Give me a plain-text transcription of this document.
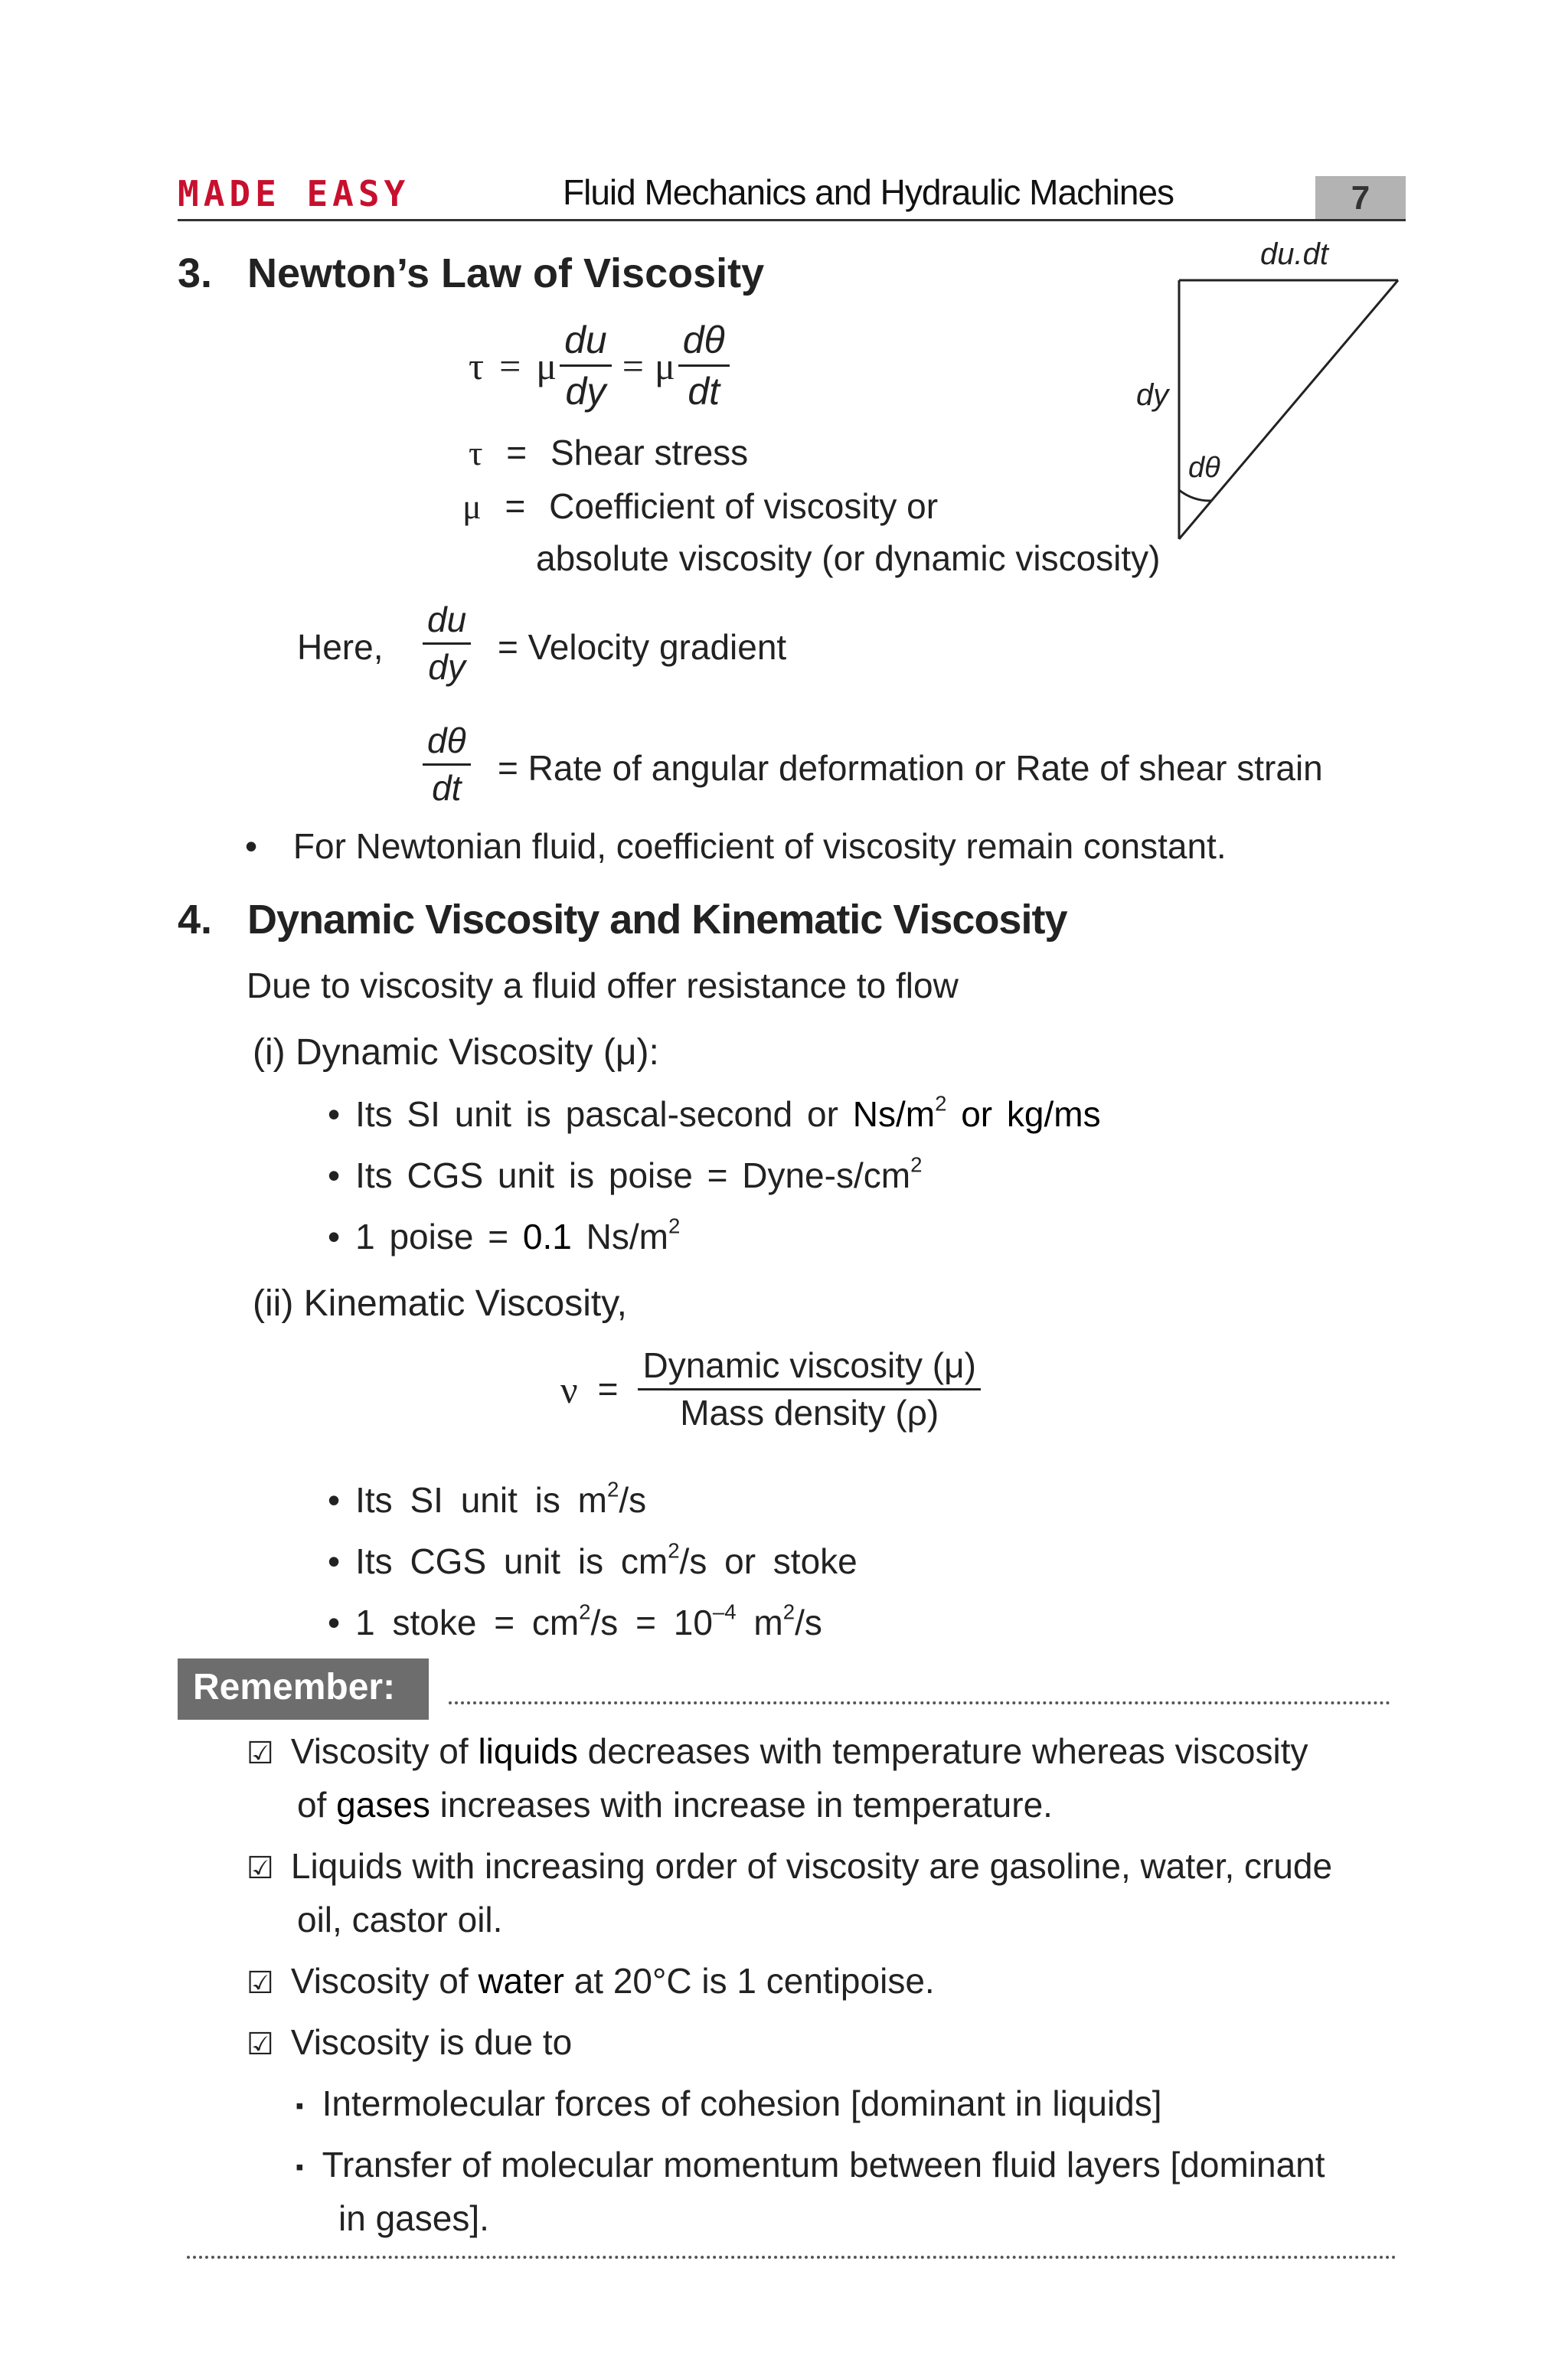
MADE EASY	Fluid Mechanics and Hydraulic Machines	7
3. Newton’s Law of Viscosity
τ = μ $\frac{du}{dy} = \mu \frac{d\theta}{dt}$
τ = Shear stress
μ = Coefficient of viscosity or
absolute viscosity (or dynamic viscosity)
Here, $\frac{du}{dy}$ = Velocity gradient
$\frac{d\theta}{dt}$ = Rate of angular deformation or Rate of shear strain
• For Newtonian fluid, coefficient of viscosity remain constant.
du.dt
dy
dθ
4. Dynamic Viscosity and Kinematic Viscosity
Due to viscosity a fluid offer resistance to flow
(i) Dynamic Viscosity (μ):
• Its SI unit is pascal-second or $Ns/m^2$ or kg/ms
• Its CGS unit is poise = Dyne-$s/cm^2$
• 1 poise = 0.1 $Ns/m^2$
(ii) Kinematic Viscosity,
$\nu = \frac{\text{Dynamic viscosity (μ)}}{\text{Mass density (ρ)}}$
• Its SI unit is $m^2/s$
• Its CGS unit is $cm^2/s$ or stoke
• 1 stoke = $cm^2/s = 10^{-4}$ $m^2/s$
Remember:
☑ Viscosity of liquids decreases with temperature whereas viscosity
of gases increases with increase in temperature.
☑ Liquids with increasing order of viscosity are gasoline, water, crude
oil, castor oil.
☑ Viscosity of water at 20°C is 1 centipoise.
☑ Viscosity is due to
▪ Intermolecular forces of cohesion [dominant in liquids]
▪ Transfer of molecular momentum between fluid layers [dominant
in gases].
